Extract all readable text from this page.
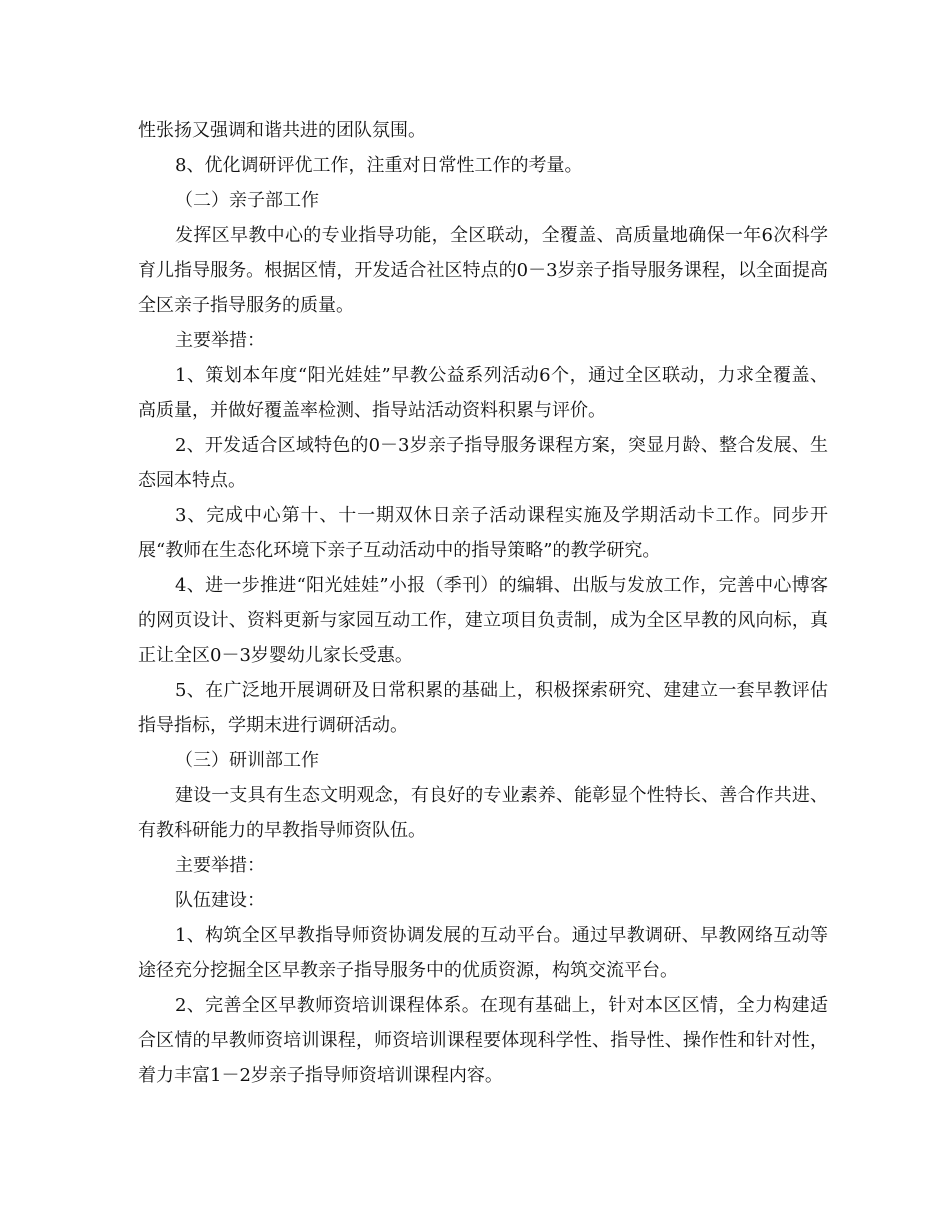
性张扬又强调和谐共进的团队氛围。

8、优化调研评优工作，注重对日常性工作的考量。

（二）亲子部工作

发挥区早教中心的专业指导功能，全区联动，全覆盖、高质量地确保一年6次科学育儿指导服务。根据区情，开发适合社区特点的0－3岁亲子指导服务课程，以全面提高全区亲子指导服务的质量。

主要举措：

1、策划本年度“阳光娃娃”早教公益系列活动6个，通过全区联动，力求全覆盖、高质量，并做好覆盖率检测、指导站活动资料积累与评价。

2、开发适合区域特色的0－3岁亲子指导服务课程方案，突显月龄、整合发展、生态园本特点。

3、完成中心第十、十一期双休日亲子活动课程实施及学期活动卡工作。同步开展“教师在生态化环境下亲子互动活动中的指导策略”的教学研究。

4、进一步推进“阳光娃娃”小报（季刊）的编辑、出版与发放工作，完善中心博客的网页设计、资料更新与家园互动工作，建立项目负责制，成为全区早教的风向标，真正让全区0－3岁婴幼儿家长受惠。

5、在广泛地开展调研及日常积累的基础上，积极探索研究、建建立一套早教评估指导指标，学期末进行调研活动。

（三）研训部工作

建设一支具有生态文明观念，有良好的专业素养、能彰显个性特长、善合作共进、有教科研能力的早教指导师资队伍。

主要举措：

队伍建设：

1、构筑全区早教指导师资协调发展的互动平台。通过早教调研、早教网络互动等途径充分挖掘全区早教亲子指导服务中的优质资源，构筑交流平台。

2、完善全区早教师资培训课程体系。在现有基础上，针对本区区情，全力构建适合区情的早教师资培训课程，师资培训课程要体现科学性、指导性、操作性和针对性，着力丰富1－2岁亲子指导师资培训课程内容。
